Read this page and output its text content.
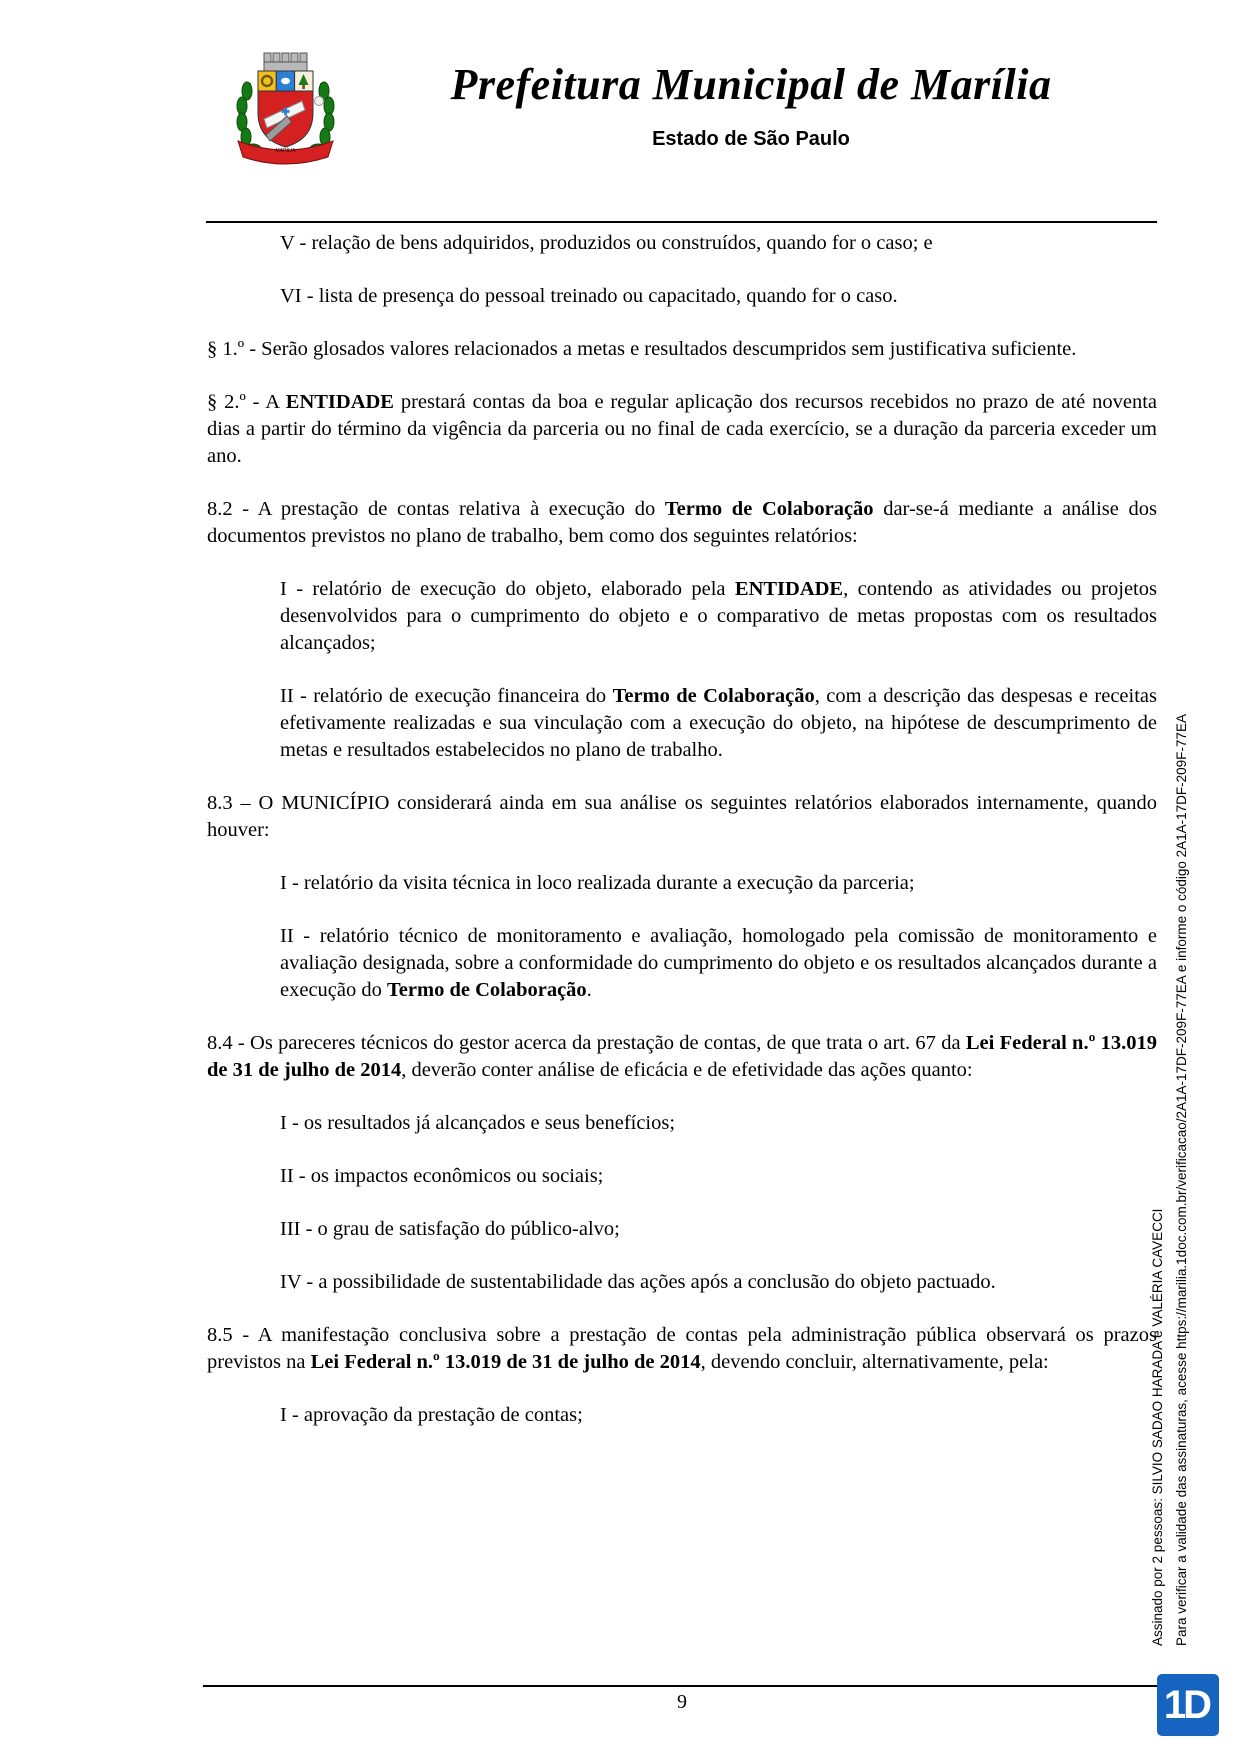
MARÍLIA
Prefeitura Municipal de Marília
Estado de São Paulo

V - relação de bens adquiridos, produzidos ou construídos, quando for o caso; e

VI - lista de presença do pessoal treinado ou capacitado, quando for o caso.

§ 1.º - Serão glosados valores relacionados a metas e resultados descumpridos sem justificativa suficiente.

§ 2.º - A ENTIDADE prestará contas da boa e regular aplicação dos recursos recebidos no prazo de até noventa dias a partir do término da vigência da parceria ou no final de cada exercício, se a duração da parceria exceder um ano.

8.2 - A prestação de contas relativa à execução do Termo de Colaboração dar-se-á mediante a análise dos documentos previstos no plano de trabalho, bem como dos seguintes relatórios:

I - relatório de execução do objeto, elaborado pela ENTIDADE, contendo as atividades ou projetos desenvolvidos para o cumprimento do objeto e o comparativo de metas propostas com os resultados alcançados;

II - relatório de execução financeira do Termo de Colaboração, com a descrição das despesas e receitas efetivamente realizadas e sua vinculação com a execução do objeto, na hipótese de descumprimento de metas e resultados estabelecidos no plano de trabalho.

8.3 – O MUNICÍPIO considerará ainda em sua análise os seguintes relatórios elaborados internamente, quando houver:

I - relatório da visita técnica in loco realizada durante a execução da parceria;

II - relatório técnico de monitoramento e avaliação, homologado pela comissão de monitoramento e avaliação designada, sobre a conformidade do cumprimento do objeto e os resultados alcançados durante a execução do Termo de Colaboração.

8.4 - Os pareceres técnicos do gestor acerca da prestação de contas, de que trata o art. 67 da Lei Federal n.º 13.019 de 31 de julho de 2014, deverão conter análise de eficácia e de efetividade das ações quanto:

I - os resultados já alcançados e seus benefícios;

II - os impactos econômicos ou sociais;

III - o grau de satisfação do público-alvo;

IV - a possibilidade de sustentabilidade das ações após a conclusão do objeto pactuado.

8.5 - A manifestação conclusiva sobre a prestação de contas pela administração pública observará os prazos previstos na Lei Federal n.º 13.019 de 31 de julho de 2014, devendo concluir, alternativamente, pela:

I - aprovação da prestação de contas;

9
Assinado por 2 pessoas: SILVIO SADAO HARADA e VALÉRIA CAVECCI Para verificar a validade das assinaturas, acesse https://marilia.1doc.com.br/verificacao/2A1A-17DF-209F-77EA e informe o código 2A1A-17DF-209F-77EA
1D
